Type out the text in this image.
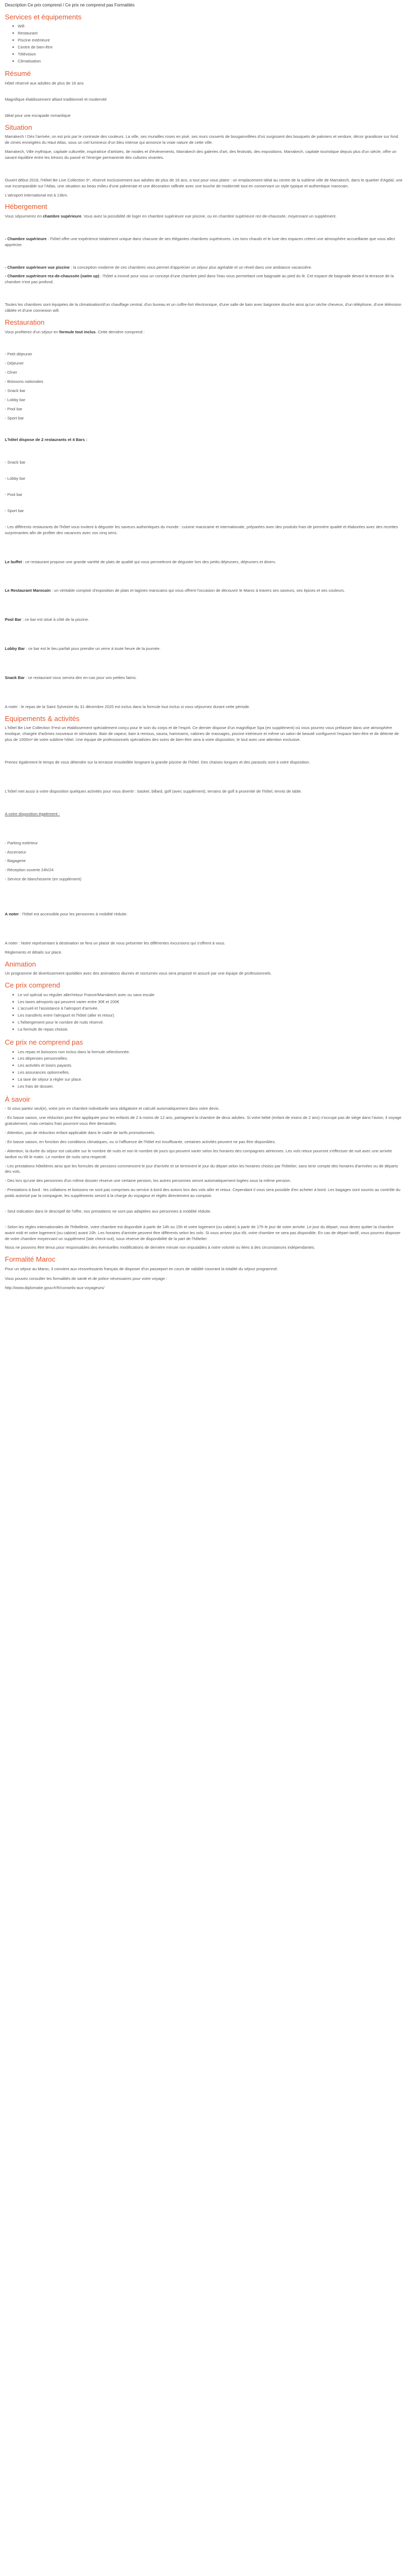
Description Ce prix comprend / Ce prix ne comprend pas Formalités
Services et équipements
Wifi
Restaurant
Piscine extérieure
Centre de bien-être
Télévision
Climatisation
Résumé

Hôtel réservé aux adultes de plus de 16 ans

Magnifique établissement alliant traditionnel et modernité

Idéal pour une escapade romantique

Situation

Marrakech ! Dès l'arrivée, on est pris par le contraste des couleurs. La ville, ses murailles roses en pisé, ses murs couverts de bougainvillées d'où surgissent des bouquets de palmiers et verdure, décor grandiose sur fond de cimes enneigées du Haut Atlas, sous un ciel lumineux d'un bleu intense qui annonce la vraie nature de cette ville.

Marrakech, Ville mythique, capitale culturelle, inspiratrice d'artistes, de modes et d'évènements, Marrakech des galeries d'art, des festivals, des expositions. Marrakech, capitale touristique depuis plus d'un siècle, offre un savant équilibre entre les trésors du passé et l'énergie permanente des cultures vivantes.

Ouvert début 2018, l'Hôtel Be Live Collection 5*, réservé exclusivement aux adultes de plus de 16 ans, a tout pour vous plaire : un emplacement idéal au centre de la sublime ville de Marrakech, dans le quartier d'Agdal, une vue incomparable sur l'Atlas, une situation au beau milieu d'une palmeraie et une décoration raffinée avec une touche de modernité tout en conservant un style typique et authentique marocain.

L'aéroport international est à 13km.

Hébergement

Vous séjournerez en chambre supérieure. Vous avez la possibilité de loger en chambre supérieure vue piscine, ou en chambre supérieure rez-de-chaussée, moyennant un supplément.

- Chambre supérieure : l'hôtel offre une expérience totalement unique dans chacune de ses élégantes chambres supérieures. Les tons chauds et le luxe des espaces créent une atmosphère accueillante que vous allez apprécier.

- Chambre supérieure vue piscine : la conception moderne de ces chambres vous permet d'apprécier un séjour plus agréable et un réveil dans une ambiance vacancière.

- Chambre supérieure rez-de-chaussée (swim up) : l'hôtel a innové pour vous un concept d'une chambre pied dans l'eau vous permettant une baignade au pied du lit. Cet espace de baignade devant la terrasse de la chambre n'est pas profond.

Toutes les chambres sont équipées de la climatisation/d'un chauffage central, d'un bureau et un coffre-fort électronique, d'une salle de bain avec baignoire douche ainsi qu'un sèche cheveux, d'un téléphone, d'une télévision câblée et d'une connexion wifi.

Restauration

Vous profiterez d'un séjour en formule tout inclus. Cette dernière comprend :

- Petit déjeuner

- Déjeuner

- Dîner

- Boissons nationales

- Snack bar

- Lobby bar

- Pool bar

- Sport bar

L'hôtel dispose de 2 restaurants et 4 Bars :

- Snack bar

- Lobby bar

- Pool bar

- Sport bar

- Les différents restaurants de l'hôtel vous invitent à déguster les saveurs authentiques du monde : cuisine marocaine et internationale, préparées avec des produits frais de première qualité et élaborées avec des recettes surprenantes afin de profiter des vacances avec vos cinq sens.

Le buffet : ce restaurant propose une grande variété de plats de qualité qui vous permettront de déguster lors des petits déjeuners, déjeuners et diners.

Le Restaurant Marocain : un véritable comptoir d'exposition de plats et tagines marocains qui vous offrent l'occasion de découvrir le Maroc à travers ses saveurs, ses épices et ses couleurs.

Pool Bar : ce bar est situé à côté de la piscine.

Lobby Bar : ce bar est le lieu parfait pour prendre un verre à toute heure de la journée.

Snack Bar : ce restaurant vous servira des en-cas pour vos petites faims.

A noter : le repas de la Saint Sylvestre du 31 décembre 2025 est inclus dans la formule tout inclus si vous séjournez durant cette période.

Equipements & activités

L'hôtel Be Live Collection 5*est un établissement spécialement conçu pour le soin du corps et de l'esprit. Ce dernier dispose d'un magnifique Spa (en supplément) où vous pourrez vous prélasser dans une atmosphère exotique, chargée d'arômes nouveaux et stimulants. Bain de vapeur, bain à remous, sauna, hammams, cabines de massages, piscine intérieure et même un salon de beauté configurent l'espace bien-être et de détente de plus de 1000m² de votre sublime hôtel. Une équipe de professionnels spécialistes des soins de bien-être sera à votre disposition, le tout avec une attention exclusive.

Prenez également le temps de vous détendre sur la terrasse ensoleillée longeant la grande piscine de l'hôtel. Des chaises longues et des parasols sont à votre disposition.

L'hôtel met aussi à votre disposition quelques activités pour vous divertir : basket, billard, golf (avec supplément), terrains de golf à proximité de l'hôtel, tennis de table.

A votre disposition également :

- Parking extérieur

- Ascenseur

- Bagagerie

- Réception ouverte 24h/24

- Service de blanchisserie (en supplément)

A noter : l'hôtel est accessible pour les personnes à mobilité réduite.

A noter : Notre représentant à destination se fera un plaisir de vous présenter les différentes excursions qui s'offrent à vous.

Règlements et détails sur place.

Animation

Un programme de divertissement quotidien avec des animations diurnes et nocturnes vous sera proposé et assuré par une équipe de professionnels.

Ce prix comprend
Le vol spécial ou régulier aller/retour France/Marrakech avec ou sans escale
Les taxes aéroports qui peuvent varier entre 30€ et 200€
L'accueil et l'assistance à l'aéroport d'arrivée.
Les transferts entre l'aéroport et l'hôtel (aller et retour).
L'hébergement pour le nombre de nuits réservé.
La formule de repas choisie.
Ce prix ne comprend pas
Les repas et boissons non inclus dans la formule sélectionnée.
Les dépenses personnelles.
Les activités et loisirs payants.
Les assurances optionnelles.
La taxe de séjour à régler sur place.
Les frais de dossier.
À savoir

- Si vous partez seul(e), votre prix en chambre individuelle sera obligatoire et calculé automatiquement dans votre devis.

- En basse saison, une réduction peut être appliquée pour les enfants de 2 à moins de 12 ans, partageant la chambre de deux adultes. Si votre bébé (enfant de moins de 2 ans) n'occupe pas de siège dans l'avion, il voyage gratuitement, mais certains frais pourront vous être demandés.

- Attention, pas de réduction enfant applicable dans le cadre de tarifs promotionnels.

- En basse saison, en fonction des conditions climatiques, ou si l'affluence de l'hôtel est insuffisante, certaines activités peuvent ne pas être disponibles.

- Attention, la durée du séjour est calculée sur le nombre de nuits et non le nombre de jours qui peuvent varier selon les horaires des compagnies aériennes. Les vols retour pourront s'effectuer de nuit avec une arrivée tardive ou tôt le matin. Le nombre de nuits sera respecté.

- Les prestations hôtelières ainsi que les formules de pensions commencent le jour d'arrivée et se terminent le jour du départ selon les horaires choisis par l'hôtelier, sans tenir compte des horaires d'arrivées ou de départs des vols.

- Des lors qu'une des personnes d'un même dossier réserve une certaine pension, les autres personnes seront automatiquement logées sous la même pension.

- Prestations à bord : les collations et boissons ne sont pas comprises au service à bord des avions lors des vols aller et retour. Cependant il vous sera possible d'en acheter à bord. Les bagages sont soumis au contrôle du poids autorisé par la compagnie, les suppléments seront à la charge du voyageur et réglés directement au comptoir.

- Seul indication dans le descriptif de l'offre, nos prestations ne sont pas adaptées aux personnes à mobilité réduite.

- Selon les règles internationales de l'hôtellerie, votre chambre est disponible à partir de 14h ou 15h et votre logement (ou cabine) à partir de 17h le jour de votre arrivée. Le jour du départ, vous devez quitter la chambre avant midi et votre logement (ou cabine) avant 10h. Les horaires d'arrivée peuvent être différents selon les vols. Si vous arrivez plus tôt, votre chambre ne sera pas disponible. En cas de départ tardif, vous pourrez disposer de votre chambre moyennant un supplément (late check-out), sous réserve de disponibilité de la part de l'hôtelier.

Nous ne pouvons être tenus pour responsables des éventuelles modifications de dernière minute non imputables à notre volonté ou liées à des circonstances indépendantes.

Formalité Maroc

Pour un séjour au Maroc, il convient aux ressortissants français de disposer d'un passeport en cours de validité couvrant la totalité du séjour programmé.

Vous pouvez consulter les formalités de santé et de police nécessaires pour votre voyage :

http://www.diplomatie.gouv.fr/fr/conseils-aux-voyageurs/
